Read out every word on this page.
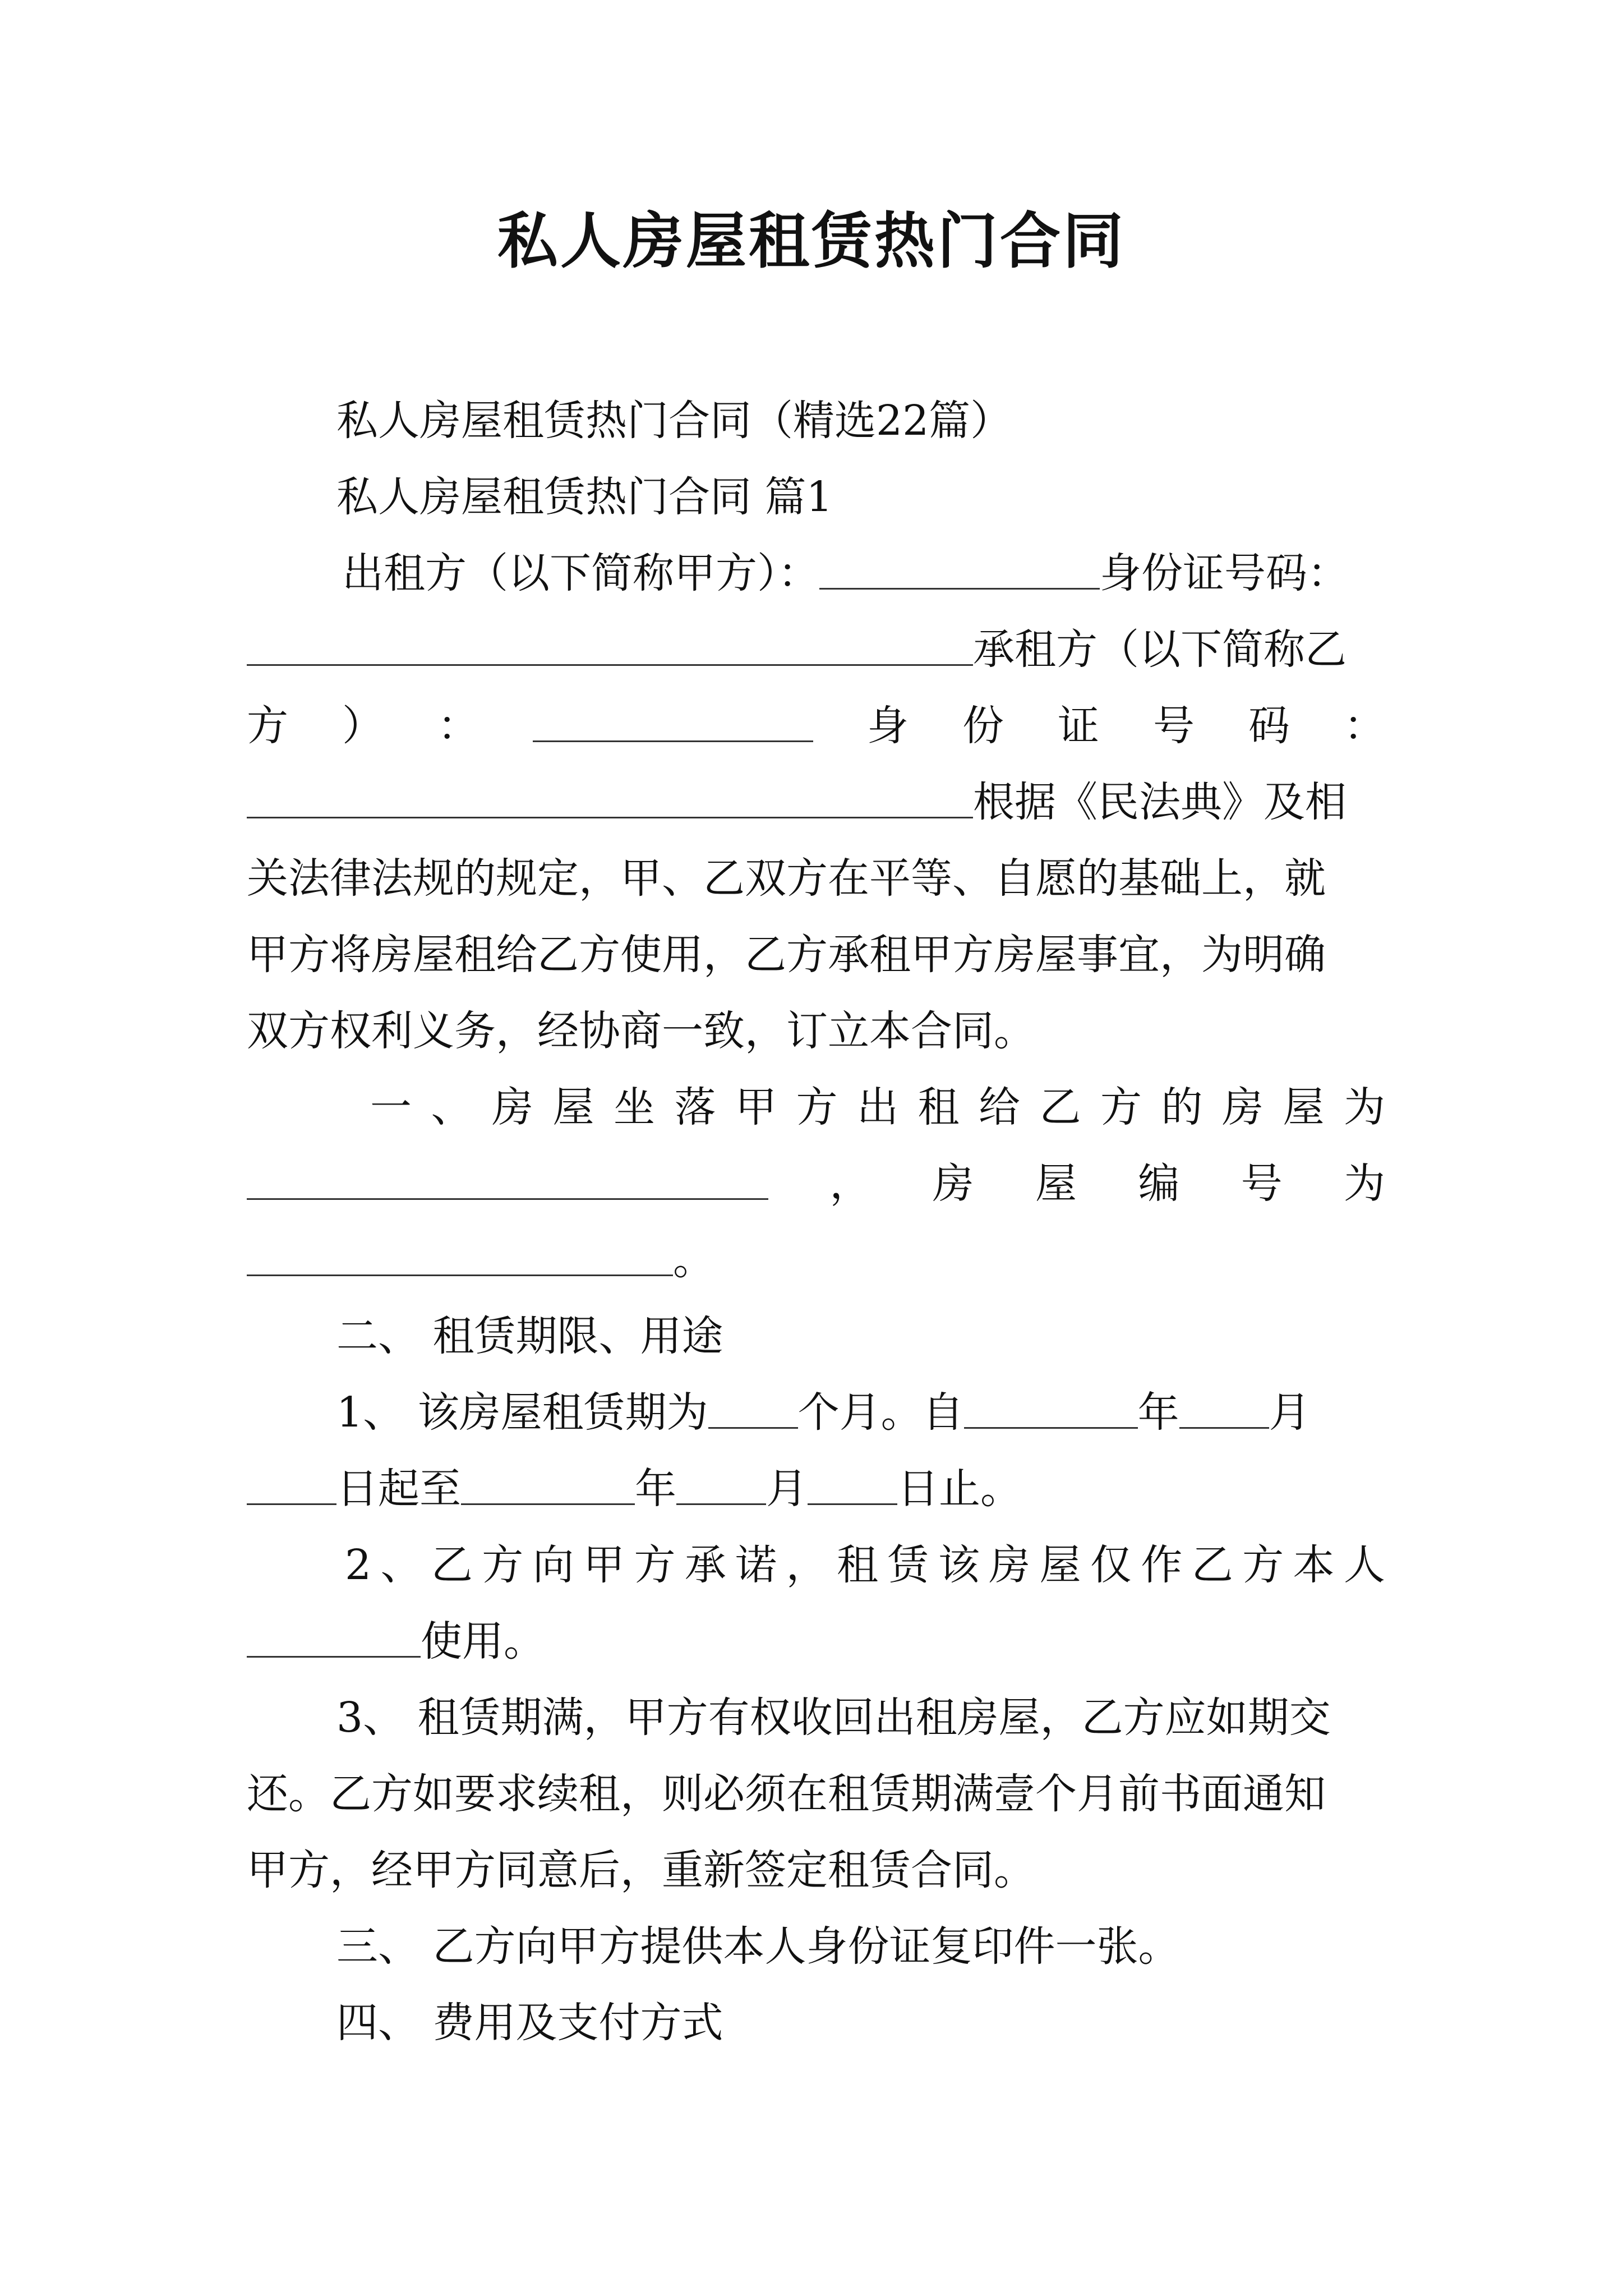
私人房屋租赁热门合同
私人房屋租赁热门合同（精选22篇）
私人房屋租赁热门合同 篇1
出租方（以下简称甲方）：	身份证号码：
承租方（以下简称乙
方 ） ：	身 份 证 号 码 ：
根据《民法典》及相
关法律法规的规定，甲、乙双方在平等、自愿的基础上，就
甲方将房屋租给乙方使用，乙方承租甲方房屋事宜，为明确
双方权利义务，经协商一致，订立本合同。
一 、 房 屋 坐 落 甲 方 出 租 给 乙 方 的 房 屋 为
， 房 屋 编 号 为
。
二、 租赁期限、用途
1、 该房屋租赁期为 个月。自	年 月
日起至	年 月 日止。
2 、 乙 方 向 甲 方 承 诺 ， 租 赁 该 房 屋 仅 作 乙 方 本 人
使用。
3、 租赁期满，甲方有权收回出租房屋，乙方应如期交
还。乙方如要求续租，则必须在租赁期满壹个月前书面通知
甲方，经甲方同意后，重新签定租赁合同。
三、 乙方向甲方提供本人身份证复印件一张。
四、 费用及支付方式
